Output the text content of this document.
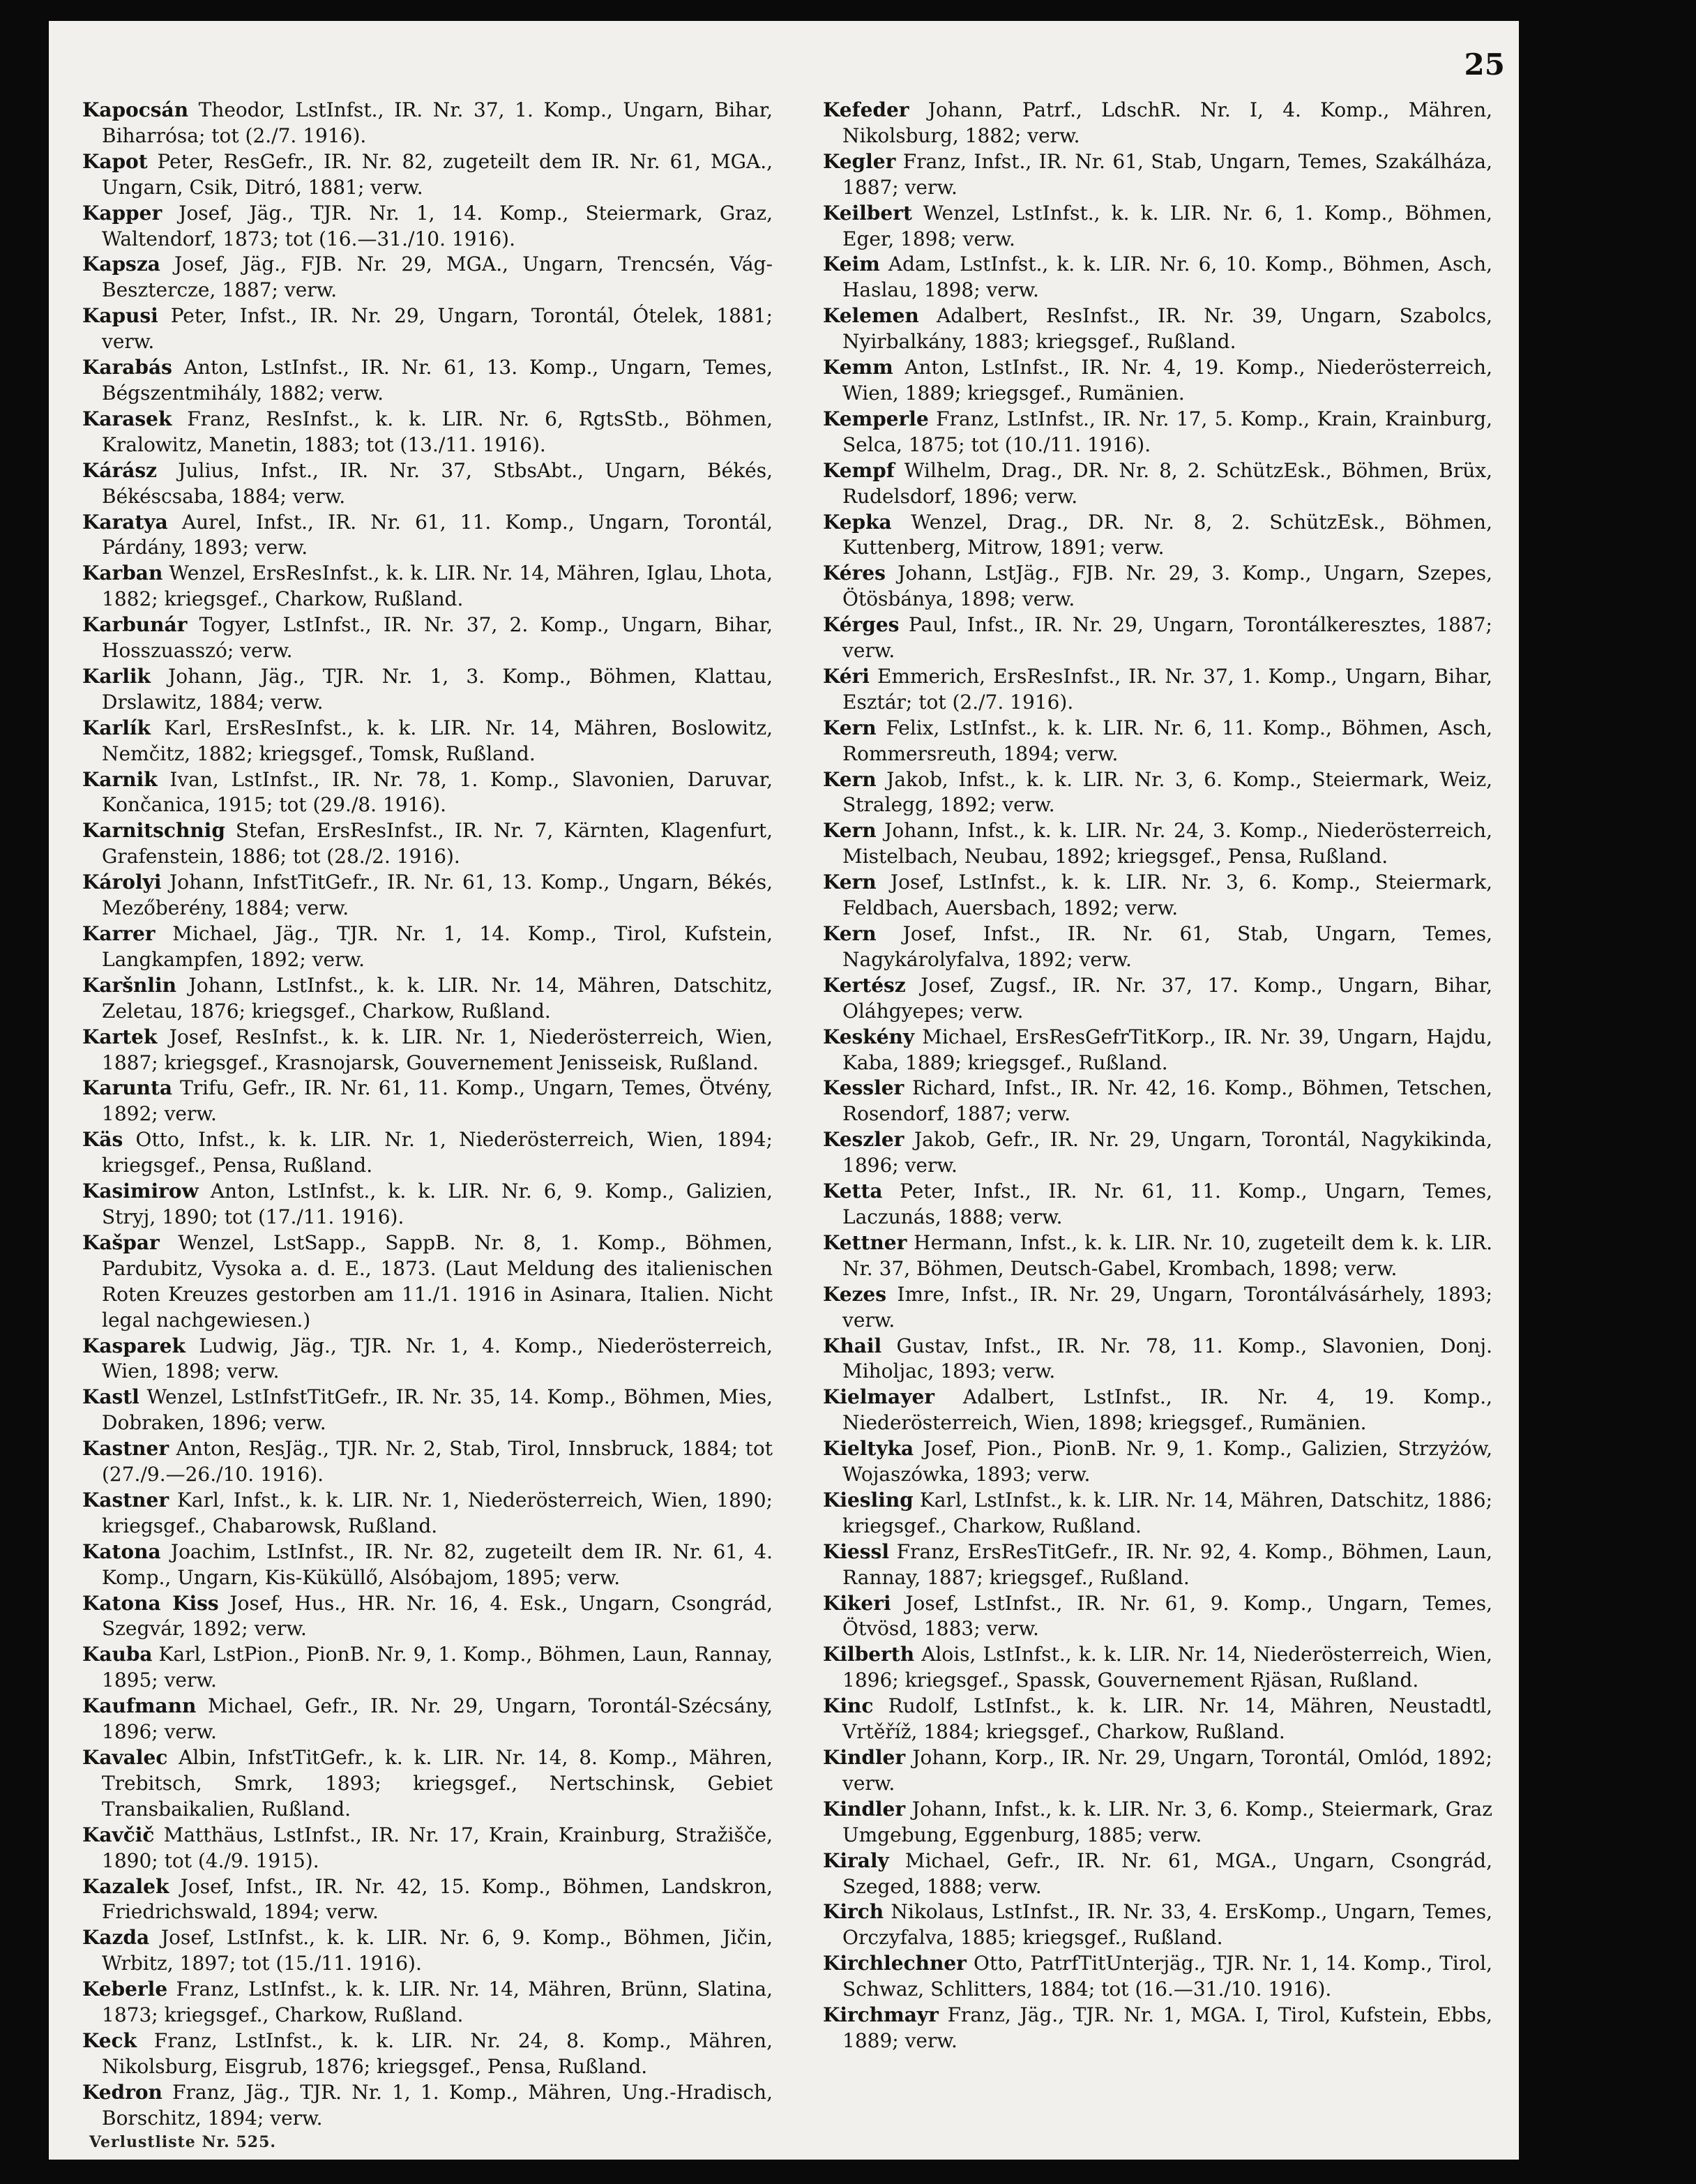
25

Kapocsán Theodor, LstInfst., IR. Nr. 37, 1. Komp., Ungarn, Bihar, Biharrósa; tot (2./7. 1916).

Kapot Peter, ResGefr., IR. Nr. 82, zugeteilt dem IR. Nr. 61, MGA., Ungarn, Csik, Ditró, 1881; verw.

Kapper Josef, Jäg., TJR. Nr. 1, 14. Komp., Steiermark, Graz, Waltendorf, 1873; tot (16.—31./10. 1916).

Kapsza Josef, Jäg., FJB. Nr. 29, MGA., Ungarn, Trencsén, Vág-Besztercze, 1887; verw.

Kapusi Peter, Infst., IR. Nr. 29, Ungarn, Torontál, Ótelek, 1881; verw.

Karabás Anton, LstInfst., IR. Nr. 61, 13. Komp., Ungarn, Temes, Bégszentmihály, 1882; verw.

Karasek Franz, ResInfst., k. k. LIR. Nr. 6, RgtsStb., Böhmen, Kralowitz, Manetin, 1883; tot (13./11. 1916).

Kárász Julius, Infst., IR. Nr. 37, StbsAbt., Ungarn, Békés, Békéscsaba, 1884; verw.

Karatya Aurel, Infst., IR. Nr. 61, 11. Komp., Ungarn, Torontál, Párdány, 1893; verw.

Karban Wenzel, ErsResInfst., k. k. LIR. Nr. 14, Mähren, Iglau, Lhota, 1882; kriegsgef., Charkow, Rußland.

Karbunár Togyer, LstInfst., IR. Nr. 37, 2. Komp., Ungarn, Bihar, Hosszuasszó; verw.

Karlik Johann, Jäg., TJR. Nr. 1, 3. Komp., Böhmen, Klattau, Drslawitz, 1884; verw.

Karlík Karl, ErsResInfst., k. k. LIR. Nr. 14, Mähren, Boslowitz, Nemčitz, 1882; kriegsgef., Tomsk, Rußland.

Karnik Ivan, LstInfst., IR. Nr. 78, 1. Komp., Slavonien, Daruvar, Končanica, 1915; tot (29./8. 1916).

Karnitschnig Stefan, ErsResInfst., IR. Nr. 7, Kärnten, Klagenfurt, Grafenstein, 1886; tot (28./2. 1916).

Károlyi Johann, InfstTitGefr., IR. Nr. 61, 13. Komp., Ungarn, Békés, Mezőberény, 1884; verw.

Karrer Michael, Jäg., TJR. Nr. 1, 14. Komp., Tirol, Kufstein, Langkampfen, 1892; verw.

Karšnlin Johann, LstInfst., k. k. LIR. Nr. 14, Mähren, Datschitz, Zeletau, 1876; kriegsgef., Charkow, Rußland.

Kartek Josef, ResInfst., k. k. LIR. Nr. 1, Niederösterreich, Wien, 1887; kriegsgef., Krasnojarsk, Gouvernement Jenisseisk, Rußland.

Karunta Trifu, Gefr., IR. Nr. 61, 11. Komp., Ungarn, Temes, Ötvény, 1892; verw.

Käs Otto, Infst., k. k. LIR. Nr. 1, Niederösterreich, Wien, 1894; kriegsgef., Pensa, Rußland.

Kasimirow Anton, LstInfst., k. k. LIR. Nr. 6, 9. Komp., Galizien, Stryj, 1890; tot (17./11. 1916).

Kašpar Wenzel, LstSapp., SappB. Nr. 8, 1. Komp., Böhmen, Pardubitz, Vysoka a. d. E., 1873. (Laut Meldung des italienischen Roten Kreuzes gestorben am 11./1. 1916 in Asinara, Italien. Nicht legal nachgewiesen.)

Kasparek Ludwig, Jäg., TJR. Nr. 1, 4. Komp., Niederösterreich, Wien, 1898; verw.

Kastl Wenzel, LstInfstTitGefr., IR. Nr. 35, 14. Komp., Böhmen, Mies, Dobraken, 1896; verw.

Kastner Anton, ResJäg., TJR. Nr. 2, Stab, Tirol, Innsbruck, 1884; tot (27./9.—26./10. 1916).

Kastner Karl, Infst., k. k. LIR. Nr. 1, Niederösterreich, Wien, 1890; kriegsgef., Chabarowsk, Rußland.

Katona Joachim, LstInfst., IR. Nr. 82, zugeteilt dem IR. Nr. 61, 4. Komp., Ungarn, Kis-Küküllő, Alsóbajom, 1895; verw.

Katona Kiss Josef, Hus., HR. Nr. 16, 4. Esk., Ungarn, Csongrád, Szegvár, 1892; verw.

Kauba Karl, LstPion., PionB. Nr. 9, 1. Komp., Böhmen, Laun, Rannay, 1895; verw.

Kaufmann Michael, Gefr., IR. Nr. 29, Ungarn, Torontál-Szécsány, 1896; verw.

Kavalec Albin, InfstTitGefr., k. k. LIR. Nr. 14, 8. Komp., Mähren, Trebitsch, Smrk, 1893; kriegsgef., Nertschinsk, Gebiet Transbaikalien, Rußland.

Kavčič Matthäus, LstInfst., IR. Nr. 17, Krain, Krainburg, Stražišče, 1890; tot (4./9. 1915).

Kazalek Josef, Infst., IR. Nr. 42, 15. Komp., Böhmen, Landskron, Friedrichswald, 1894; verw.

Kazda Josef, LstInfst., k. k. LIR. Nr. 6, 9. Komp., Böhmen, Jičin, Wrbitz, 1897; tot (15./11. 1916).

Keberle Franz, LstInfst., k. k. LIR. Nr. 14, Mähren, Brünn, Slatina, 1873; kriegsgef., Charkow, Rußland.

Keck Franz, LstInfst., k. k. LIR. Nr. 24, 8. Komp., Mähren, Nikolsburg, Eisgrub, 1876; kriegsgef., Pensa, Rußland.

Kedron Franz, Jäg., TJR. Nr. 1, 1. Komp., Mähren, Ung.-Hradisch, Borschitz, 1894; verw.

Kefeder Johann, Patrf., LdschR. Nr. I, 4. Komp., Mähren, Nikolsburg, 1882; verw.

Kegler Franz, Infst., IR. Nr. 61, Stab, Ungarn, Temes, Szakálháza, 1887; verw.

Keilbert Wenzel, LstInfst., k. k. LIR. Nr. 6, 1. Komp., Böhmen, Eger, 1898; verw.

Keim Adam, LstInfst., k. k. LIR. Nr. 6, 10. Komp., Böhmen, Asch, Haslau, 1898; verw.

Kelemen Adalbert, ResInfst., IR. Nr. 39, Ungarn, Szabolcs, Nyirbalkány, 1883; kriegsgef., Rußland.

Kemm Anton, LstInfst., IR. Nr. 4, 19. Komp., Niederösterreich, Wien, 1889; kriegsgef., Rumänien.

Kemperle Franz, LstInfst., IR. Nr. 17, 5. Komp., Krain, Krainburg, Selca, 1875; tot (10./11. 1916).

Kempf Wilhelm, Drag., DR. Nr. 8, 2. SchützEsk., Böhmen, Brüx, Rudelsdorf, 1896; verw.

Kepka Wenzel, Drag., DR. Nr. 8, 2. SchützEsk., Böhmen, Kuttenberg, Mitrow, 1891; verw.

Kéres Johann, LstJäg., FJB. Nr. 29, 3. Komp., Ungarn, Szepes, Ötösbánya, 1898; verw.

Kérges Paul, Infst., IR. Nr. 29, Ungarn, Torontálkeresztes, 1887; verw.

Kéri Emmerich, ErsResInfst., IR. Nr. 37, 1. Komp., Ungarn, Bihar, Esztár; tot (2./7. 1916).

Kern Felix, LstInfst., k. k. LIR. Nr. 6, 11. Komp., Böhmen, Asch, Rommersreuth, 1894; verw.

Kern Jakob, Infst., k. k. LIR. Nr. 3, 6. Komp., Steiermark, Weiz, Stralegg, 1892; verw.

Kern Johann, Infst., k. k. LIR. Nr. 24, 3. Komp., Niederösterreich, Mistelbach, Neubau, 1892; kriegsgef., Pensa, Rußland.

Kern Josef, LstInfst., k. k. LIR. Nr. 3, 6. Komp., Steiermark, Feldbach, Auersbach, 1892; verw.

Kern Josef, Infst., IR. Nr. 61, Stab, Ungarn, Temes, Nagykárolyfalva, 1892; verw.

Kertész Josef, Zugsf., IR. Nr. 37, 17. Komp., Ungarn, Bihar, Oláhgyepes; verw.

Keskény Michael, ErsResGefrTitKorp., IR. Nr. 39, Ungarn, Hajdu, Kaba, 1889; kriegsgef., Rußland.

Kessler Richard, Infst., IR. Nr. 42, 16. Komp., Böhmen, Tetschen, Rosendorf, 1887; verw.

Keszler Jakob, Gefr., IR. Nr. 29, Ungarn, Torontál, Nagykikinda, 1896; verw.

Ketta Peter, Infst., IR. Nr. 61, 11. Komp., Ungarn, Temes, Laczunás, 1888; verw.

Kettner Hermann, Infst., k. k. LIR. Nr. 10, zugeteilt dem k. k. LIR. Nr. 37, Böhmen, Deutsch-Gabel, Krombach, 1898; verw.

Kezes Imre, Infst., IR. Nr. 29, Ungarn, Torontálvásárhely, 1893; verw.

Khail Gustav, Infst., IR. Nr. 78, 11. Komp., Slavonien, Donj. Miholjac, 1893; verw.

Kielmayer Adalbert, LstInfst., IR. Nr. 4, 19. Komp., Niederösterreich, Wien, 1898; kriegsgef., Rumänien.

Kieltyka Josef, Pion., PionB. Nr. 9, 1. Komp., Galizien, Strzyżów, Wojaszówka, 1893; verw.

Kiesling Karl, LstInfst., k. k. LIR. Nr. 14, Mähren, Datschitz, 1886; kriegsgef., Charkow, Rußland.

Kiessl Franz, ErsResTitGefr., IR. Nr. 92, 4. Komp., Böhmen, Laun, Rannay, 1887; kriegsgef., Rußland.

Kikeri Josef, LstInfst., IR. Nr. 61, 9. Komp., Ungarn, Temes, Ötvösd, 1883; verw.

Kilberth Alois, LstInfst., k. k. LIR. Nr. 14, Niederösterreich, Wien, 1896; kriegsgef., Spassk, Gouvernement Rjäsan, Rußland.

Kinc Rudolf, LstInfst., k. k. LIR. Nr. 14, Mähren, Neustadtl, Vrtěříž, 1884; kriegsgef., Charkow, Rußland.

Kindler Johann, Korp., IR. Nr. 29, Ungarn, Torontál, Omlód, 1892; verw.

Kindler Johann, Infst., k. k. LIR. Nr. 3, 6. Komp., Steiermark, Graz Umgebung, Eggenburg, 1885; verw.

Kiraly Michael, Gefr., IR. Nr. 61, MGA., Ungarn, Csongrád, Szeged, 1888; verw.

Kirch Nikolaus, LstInfst., IR. Nr. 33, 4. ErsKomp., Ungarn, Temes, Orczyfalva, 1885; kriegsgef., Rußland.

Kirchlechner Otto, PatrfTitUnterjäg., TJR. Nr. 1, 14. Komp., Tirol, Schwaz, Schlitters, 1884; tot (16.—31./10. 1916).

Kirchmayr Franz, Jäg., TJR. Nr. 1, MGA. I, Tirol, Kufstein, Ebbs, 1889; verw.

Verlustliste Nr. 525.
